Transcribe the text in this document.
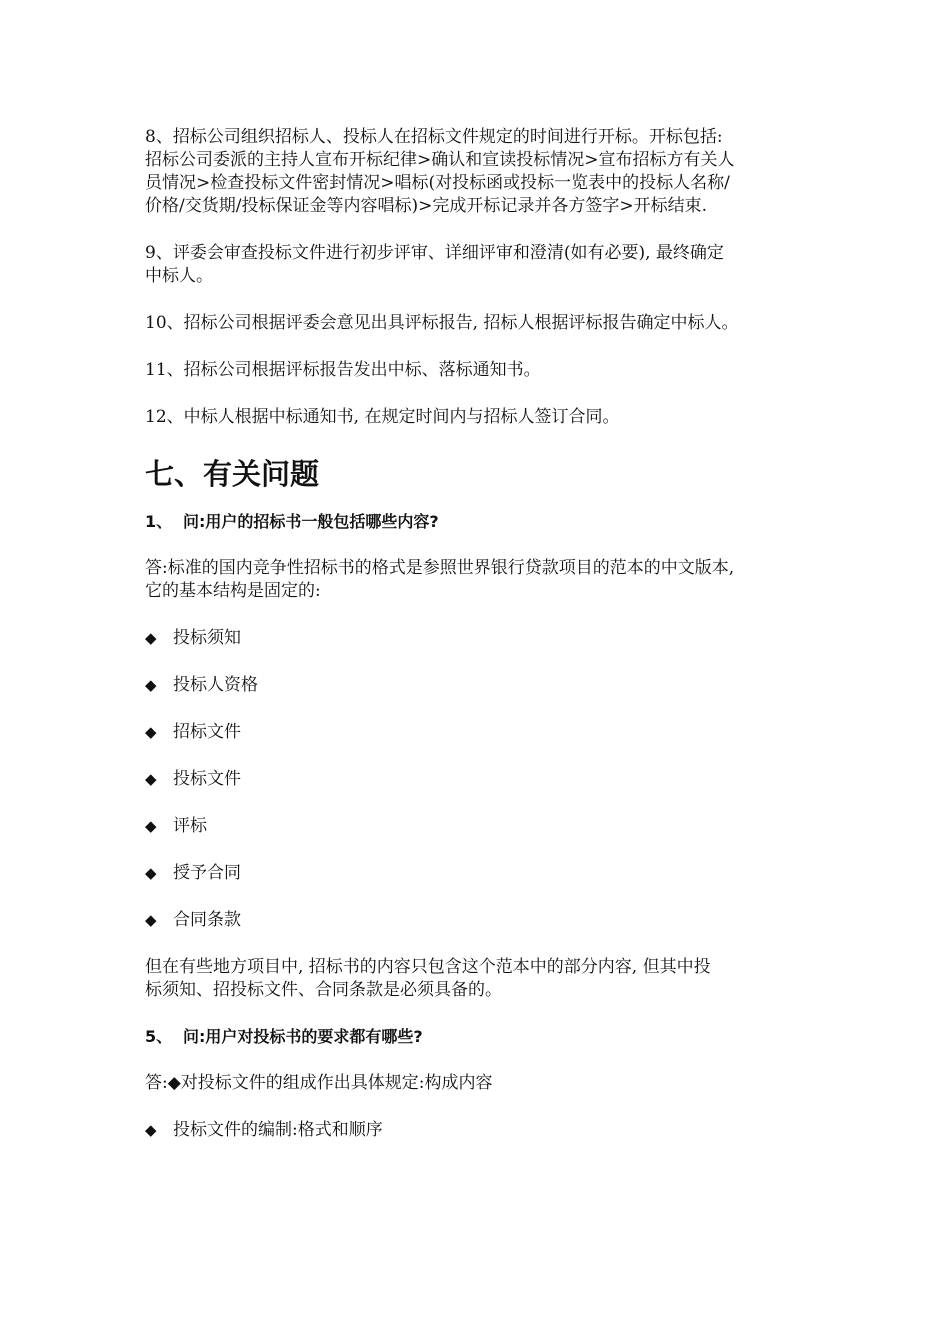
8、招标公司组织招标人、投标人在招标文件规定的时间进行开标。开标包括:

招标公司委派的主持人宣布开标纪律>确认和宣读投标情况>宣布招标方有关人

员情况>检查投标文件密封情况>唱标(对投标函或投标一览表中的投标人名称/

价格/交货期/投标保证金等内容唱标)>完成开标记录并各方签字>开标结束.

9、评委会审查投标文件进行初步评审、详细评审和澄清(如有必要), 最终确定

中标人。

10、招标公司根据评委会意见出具评标报告, 招标人根据评标报告确定中标人。

11、招标公司根据评标报告发出中标、落标通知书。

12、中标人根据中标通知书, 在规定时间内与招标人签订合同。

七、有关问题

1、 问:用户的招标书一般包括哪些内容?

答:标准的国内竞争性招标书的格式是参照世界银行贷款项目的范本的中文版本,

它的基本结构是固定的:

◆ 投标须知

◆ 投标人资格

◆ 招标文件

◆ 投标文件

◆ 评标

◆ 授予合同

◆ 合同条款

但在有些地方项目中, 招标书的内容只包含这个范本中的部分内容, 但其中投

标须知、招投标文件、合同条款是必须具备的。

5、 问:用户对投标书的要求都有哪些?

答:◆对投标文件的组成作出具体规定:构成内容

◆ 投标文件的编制:格式和顺序
